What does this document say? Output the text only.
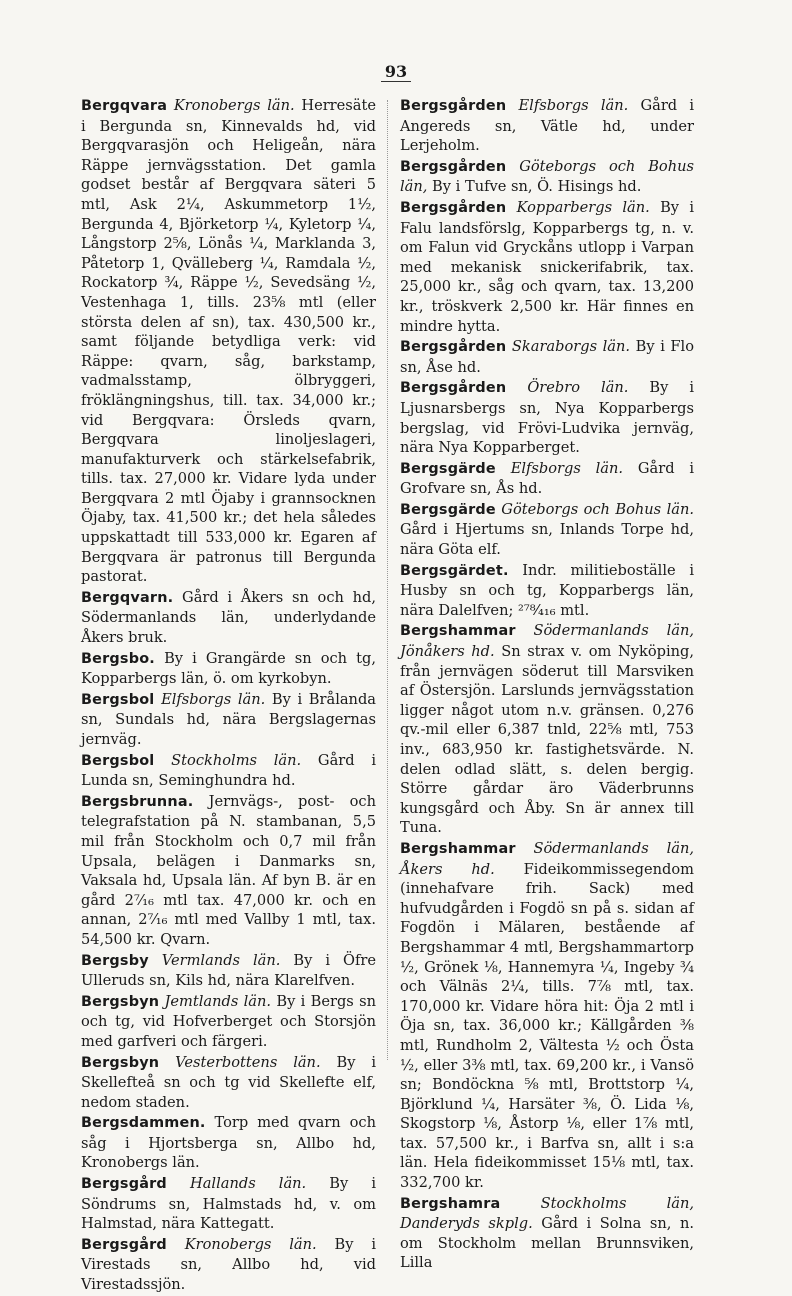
93
Bergqvara Kronobergs län. Herresäte i Bergunda sn, Kinnevalds hd, vid Bergqvarasjön och Heligeån, nära Räppe jernvägsstation. Det gamla godset består af Bergqvara säteri 5 mtl, Ask 2¼, Askummetorp 1½, Bergunda 4, Björketorp ¼, Kyletorp ¼, Långstorp 2⅝, Lönås ¼, Marklanda 3, Påtetorp 1, Qvälleberg ¼, Ramdala ½, Rockatorp ¾, Räppe ½, Sevedsäng ½, Vestenhaga 1, tills. 23⅝ mtl (eller största delen af sn), tax. 430,500 kr., samt följande betydliga verk: vid Räppe: qvarn, såg, barkstamp, vadmalsstamp, ölbryggeri, fröklängningshus, till. tax. 34,000 kr.; vid Bergqvara: Örsleds qvarn, Bergqvara linoljeslageri, manufakturverk och stärkelsefabrik, tills. tax. 27,000 kr. Vidare lyda under Bergqvara 2 mtl Öjaby i grannsocknen Öjaby, tax. 41,500 kr.; det hela således uppskattadt till 533,000 kr. Egaren af Bergqvara är patronus till Bergunda pastorat.
Bergqvarn. Gård i Åkers sn och hd, Södermanlands län, underlydande Åkers bruk.
Bergsbo. By i Grangärde sn och tg, Kopparbergs län, ö. om kyrkobyn.
Bergsbol Elfsborgs län. By i Brålanda sn, Sundals hd, nära Bergslagernas jernväg.
Bergsbol Stockholms län. Gård i Lunda sn, Seminghundra hd.
Bergsbrunna. Jernvägs-, post- och telegrafstation på N. stambanan, 5,5 mil från Stockholm och 0,7 mil från Upsala, belägen i Danmarks sn, Vaksala hd, Upsala län. Af byn B. är en gård 2⁷⁄₁₆ mtl tax. 47,000 kr. och en annan, 2⁷⁄₁₆ mtl med Vallby 1 mtl, tax. 54,500 kr. Qvarn.
Bergsby Vermlands län. By i Öfre Ulleruds sn, Kils hd, nära Klarelfven.
Bergsbyn Jemtlands län. By i Bergs sn och tg, vid Hofverberget och Storsjön med garfveri och färgeri.
Bergsbyn Vesterbottens län. By i Skellefteå sn och tg vid Skellefte elf, nedom staden.
Bergsdammen. Torp med qvarn och såg i Hjortsberga sn, Allbo hd, Kronobergs län.
Bergsgård Hallands län. By i Söndrums sn, Halmstads hd, v. om Halmstad, nära Kattegatt.
Bergsgård Kronobergs län. By i Virestads sn, Allbo hd, vid Virestadssjön.
Bergsgården Elfsborgs län. Gård i Angereds sn, Vätle hd, under Lerjeholm.
Bergsgården Göteborgs och Bohus län, By i Tufve sn, Ö. Hisings hd.
Bergsgården Kopparbergs län. By i Falu landsförslg, Kopparbergs tg, n. v. om Falun vid Gryckåns utlopp i Varpan med mekanisk snickerifabrik, tax. 25,000 kr., såg och qvarn, tax. 13,200 kr., tröskverk 2,500 kr. Här finnes en mindre hytta.
Bergsgården Skaraborgs län. By i Flo sn, Åse hd.
Bergsgården Örebro län. By i Ljusnarsbergs sn, Nya Kopparbergs bergslag, vid Frövi-Ludvika jernväg, nära Nya Kopparberget.
Bergsgärde Elfsborgs län. Gård i Grofvare sn, Ås hd.
Bergsgärde Göteborgs och Bohus län. Gård i Hjertums sn, Inlands Torpe hd, nära Göta elf.
Bergsgärdet. Indr. militieboställe i Husby sn och tg, Kopparbergs län, nära Dalelfven; ²⁷⁸⁄₄₁₆ mtl.
Bergshammar Södermanlands län, Jönåkers hd. Sn strax v. om Nyköping, från jernvägen söderut till Marsviken af Östersjön. Larslunds jernvägsstation ligger något utom n.v. gränsen. 0,276 qv.-mil eller 6,387 tnld, 22⅝ mtl, 753 inv., 683,950 kr. fastighetsvärde. N. delen odlad slätt, s. delen bergig. Större gårdar äro Väderbrunns kungsgård och Åby. Sn är annex till Tuna.
Bergshammar Södermanlands län, Åkers hd. Fideikommissegendom (innehafvare frih. Sack) med hufvudgården i Fogdö sn på s. sidan af Fogdön i Mälaren, bestående af Bergshammar 4 mtl, Bergshammartorp ½, Grönek ⅛, Hannemyra ¼, Ingeby ¾ och Välnäs 2¼, tills. 7⅞ mtl, tax. 170,000 kr. Vidare höra hit: Öja 2 mtl i Öja sn, tax. 36,000 kr.; Källgården ⅜ mtl, Rundholm 2, Vältesta ½ och Östa ½, eller 3⅜ mtl, tax. 69,200 kr., i Vansö sn; Bondöckna ⅝ mtl, Brottstorp ¼, Björklund ¼, Harsäter ⅜, Ö. Lida ⅛, Skogstorp ⅛, Åstorp ⅛, eller 1⅞ mtl, tax. 57,500 kr., i Barfva sn, allt i s:a län. Hela fideikommisset 15⅛ mtl, tax. 332,700 kr.
Bergshamra	Stockholms län, Danderyds skplg. Gård i Solna sn, n. om Stockholm mellan Brunnsviken, Lilla
